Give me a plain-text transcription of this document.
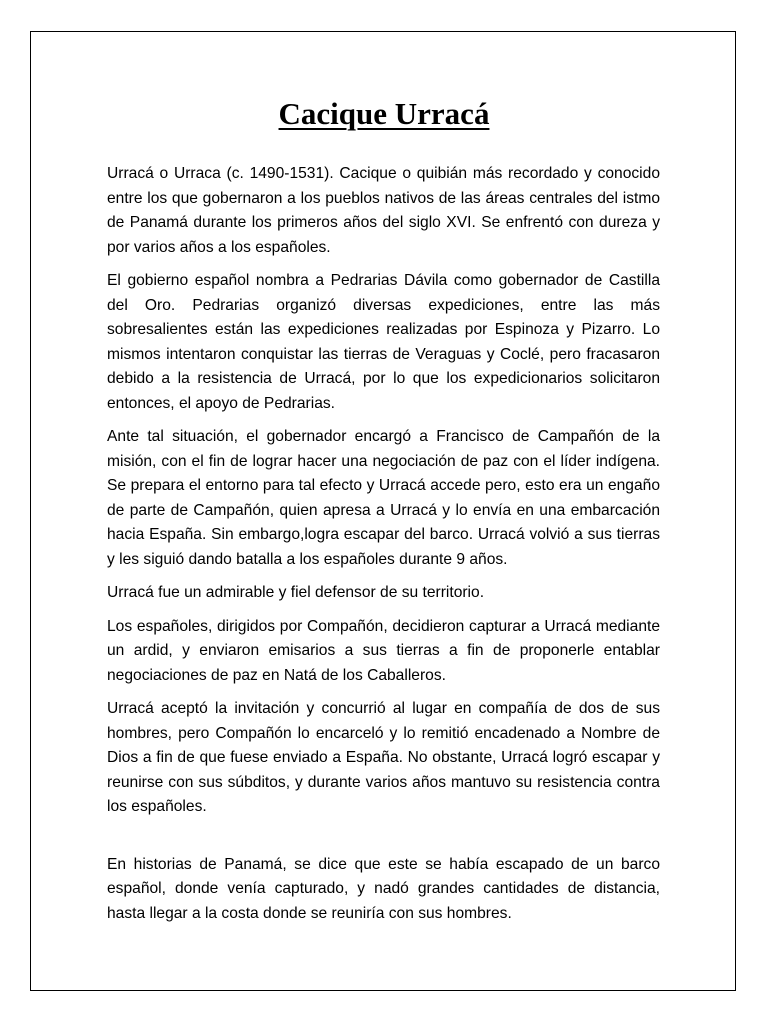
Cacique Urracá

Urracá o Urraca (c. 1490-1531). Cacique o quibián más recordado y conocido entre los que gobernaron a los pueblos nativos de las áreas centrales del istmo de Panamá durante los primeros años del siglo XVI. Se enfrentó con dureza y por varios años a los españoles.

El gobierno español nombra a Pedrarias Dávila como gobernador de Castilla del Oro. Pedrarias organizó diversas expediciones, entre las más sobresalientes están las expediciones realizadas por Espinoza y Pizarro. Lo mismos intentaron conquistar las tierras de Veraguas y Coclé, pero fracasaron debido a la resistencia de Urracá, por lo que los expedicionarios solicitaron entonces, el apoyo de Pedrarias.

Ante tal situación, el gobernador encargó a Francisco de Campañón de la misión, con el fin de lograr hacer una negociación de paz con el líder indígena. Se prepara el entorno para tal efecto y Urracá accede pero, esto era un engaño de parte de Campañón, quien apresa a Urracá y lo envía en una embarcación hacia España. Sin embargo,logra escapar del barco. Urracá volvió a sus tierras y les siguió dando batalla a los españoles durante 9 años.

Urracá fue un admirable y fiel defensor de su territorio.

Los españoles, dirigidos por Compañón, decidieron capturar a Urracá mediante un ardid, y enviaron emisarios a sus tierras a fin de proponerle entablar negociaciones de paz en Natá de los Caballeros.

Urracá aceptó la invitación y concurrió al lugar en compañía de dos de sus hombres, pero Compañón lo encarceló y lo remitió encadenado a Nombre de Dios a fin de que fuese enviado a España. No obstante, Urracá logró escapar y reunirse con sus súbditos, y durante varios años mantuvo su resistencia contra los españoles.

En historias de Panamá, se dice que este se había escapado de un barco español, donde venía capturado, y nadó grandes cantidades de distancia, hasta llegar a la costa donde se reuniría con sus hombres.
